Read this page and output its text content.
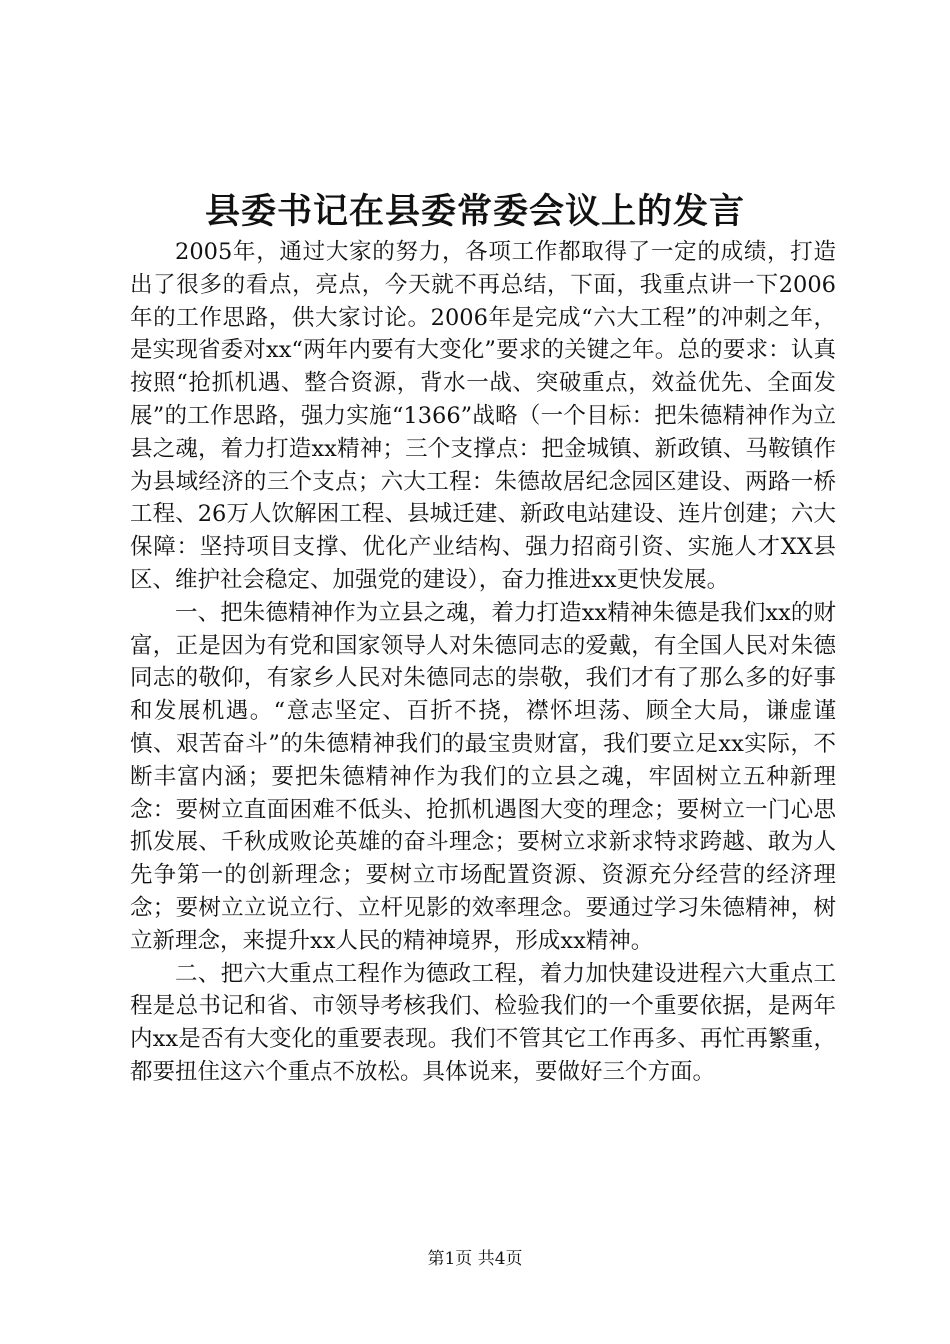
县委书记在县委常委会议上的发言

2005年，通过大家的努力，各项工作都取得了一定的成绩，打造出了很多的看点，亮点，今天就不再总结，下面，我重点讲一下2006年的工作思路，供大家讨论。2006年是完成“六大工程”的冲刺之年，是实现省委对xx“两年内要有大变化”要求的关键之年。总的要求：认真按照“抢抓机遇、整合资源，背水一战、突破重点，效益优先、全面发展”的工作思路，强力实施“1366”战略（一个目标：把朱德精神作为立县之魂，着力打造xx精神；三个支撑点：把金城镇、新政镇、马鞍镇作为县域经济的三个支点；六大工程：朱德故居纪念园区建设、两路一桥工程、26万人饮解困工程、县城迁建、新政电站建设、连片创建；六大保障：坚持项目支撑、优化产业结构、强力招商引资、实施人才XX县区、维护社会稳定、加强党的建设），奋力推进xx更快发展。

一、把朱德精神作为立县之魂，着力打造xx精神朱德是我们xx的财富，正是因为有党和国家领导人对朱德同志的爱戴，有全国人民对朱德同志的敬仰，有家乡人民对朱德同志的崇敬，我们才有了那么多的好事和发展机遇。“意志坚定、百折不挠，襟怀坦荡、顾全大局，谦虚谨慎、艰苦奋斗”的朱德精神我们的最宝贵财富，我们要立足xx实际，不断丰富内涵；要把朱德精神作为我们的立县之魂，牢固树立五种新理念：要树立直面困难不低头、抢抓机遇图大变的理念；要树立一门心思抓发展、千秋成败论英雄的奋斗理念；要树立求新求特求跨越、敢为人先争第一的创新理念；要树立市场配置资源、资源充分经营的经济理念；要树立立说立行、立杆见影的效率理念。要通过学习朱德精神，树立新理念，来提升xx人民的精神境界，形成xx精神。

二、把六大重点工程作为德政工程，着力加快建设进程六大重点工程是总书记和省、市领导考核我们、检验我们的一个重要依据，是两年内xx是否有大变化的重要表现。我们不管其它工作再多、再忙再繁重，都要扭住这六个重点不放松。具体说来，要做好三个方面。

第1页 共4页
